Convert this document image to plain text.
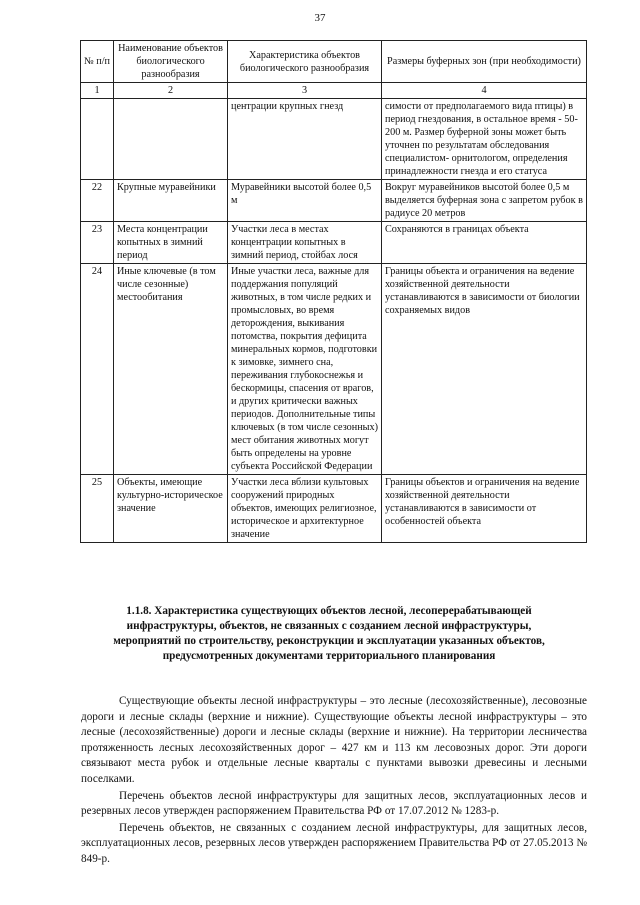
37
№ п/п	Наименование объектов биологического разнообразия	Характеристика объектов биологического разнообразия	Размеры буферных зон (при необходимости)
1	2	3	4
		центрации крупных гнезд	симости от предполагаемого вида птицы) в период гнездования, в остальное время - 50-200 м. Размер буферной зоны может быть уточнен по результатам обследования специалистом- орнитологом, определения принадлежности гнезда и его статуса
22	Крупные муравейники	Муравейники высотой более 0,5 м	Вокруг муравейников высотой более 0,5 м выделяется буферная зона с запретом рубок в радиусе 20 метров
23	Места концентрации копытных в зимний период	Участки леса в местах концентрации копытных в зимний период, стойбах лося	Сохраняются в границах объекта
24	Иные ключевые (в том числе сезонные) местообитания	Иные участки леса, важные для поддержания популяций животных, в том числе редких и промысловых, во время деторождения, выкивания потомства, покрытия дефицита минеральных кормов, подготовки к зимовке, зимнего сна, переживания глубокоснежья и бескормицы, спасения от врагов, и других критически важных периодов. Дополнительные типы ключевых (в том числе сезонных) мест обитания животных могут быть определены на уровне субъекта Российской Федерации	Границы объекта и ограничения на ведение хозяйственной деятельности устанавливаются в зависимости от биологии сохраняемых видов
25	Объекты, имеющие культурно-историческое значение	Участки леса вблизи культовых сооружений природных объектов, имеющих религиозное, историческое и архитектурное значение	Границы объектов и ограничения на ведение хозяйственной деятельности устанавливаются в зависимости от особенностей объекта
1.1.8. Характеристика существующих объектов лесной, лесоперерабатывающей инфраструктуры, объектов, не связанных с созданием лесной инфраструктуры, мероприятий по строительству, реконструкции и эксплуатации указанных объектов, предусмотренных документами территориального планирования

Существующие объекты лесной инфраструктуры – это лесные (лесохозяйственные), лесовозные дороги и лесные склады (верхние и нижние). Существующие объекты лесной инфраструктуры – это лесные (лесохозяйственные) дороги и лесные склады (верхние и нижние). На территории лесничества протяженность лесных лесохозяйственных дорог – 427 км и 113 км лесовозных дорог. Эти дороги связывают места рубок и отдельные лесные кварталы с пунктами вывозки древесины и лесными поселками.

Перечень объектов лесной инфраструктуры для защитных лесов, эксплуатационных лесов и резервных лесов утвержден распоряжением Правительства РФ от 17.07.2012 № 1283-р.

Перечень объектов, не связанных с созданием лесной инфраструктуры, для защитных лесов, эксплуатационных лесов, резервных лесов утвержден распоряжением Правительства РФ от 27.05.2013 № 849-р.
